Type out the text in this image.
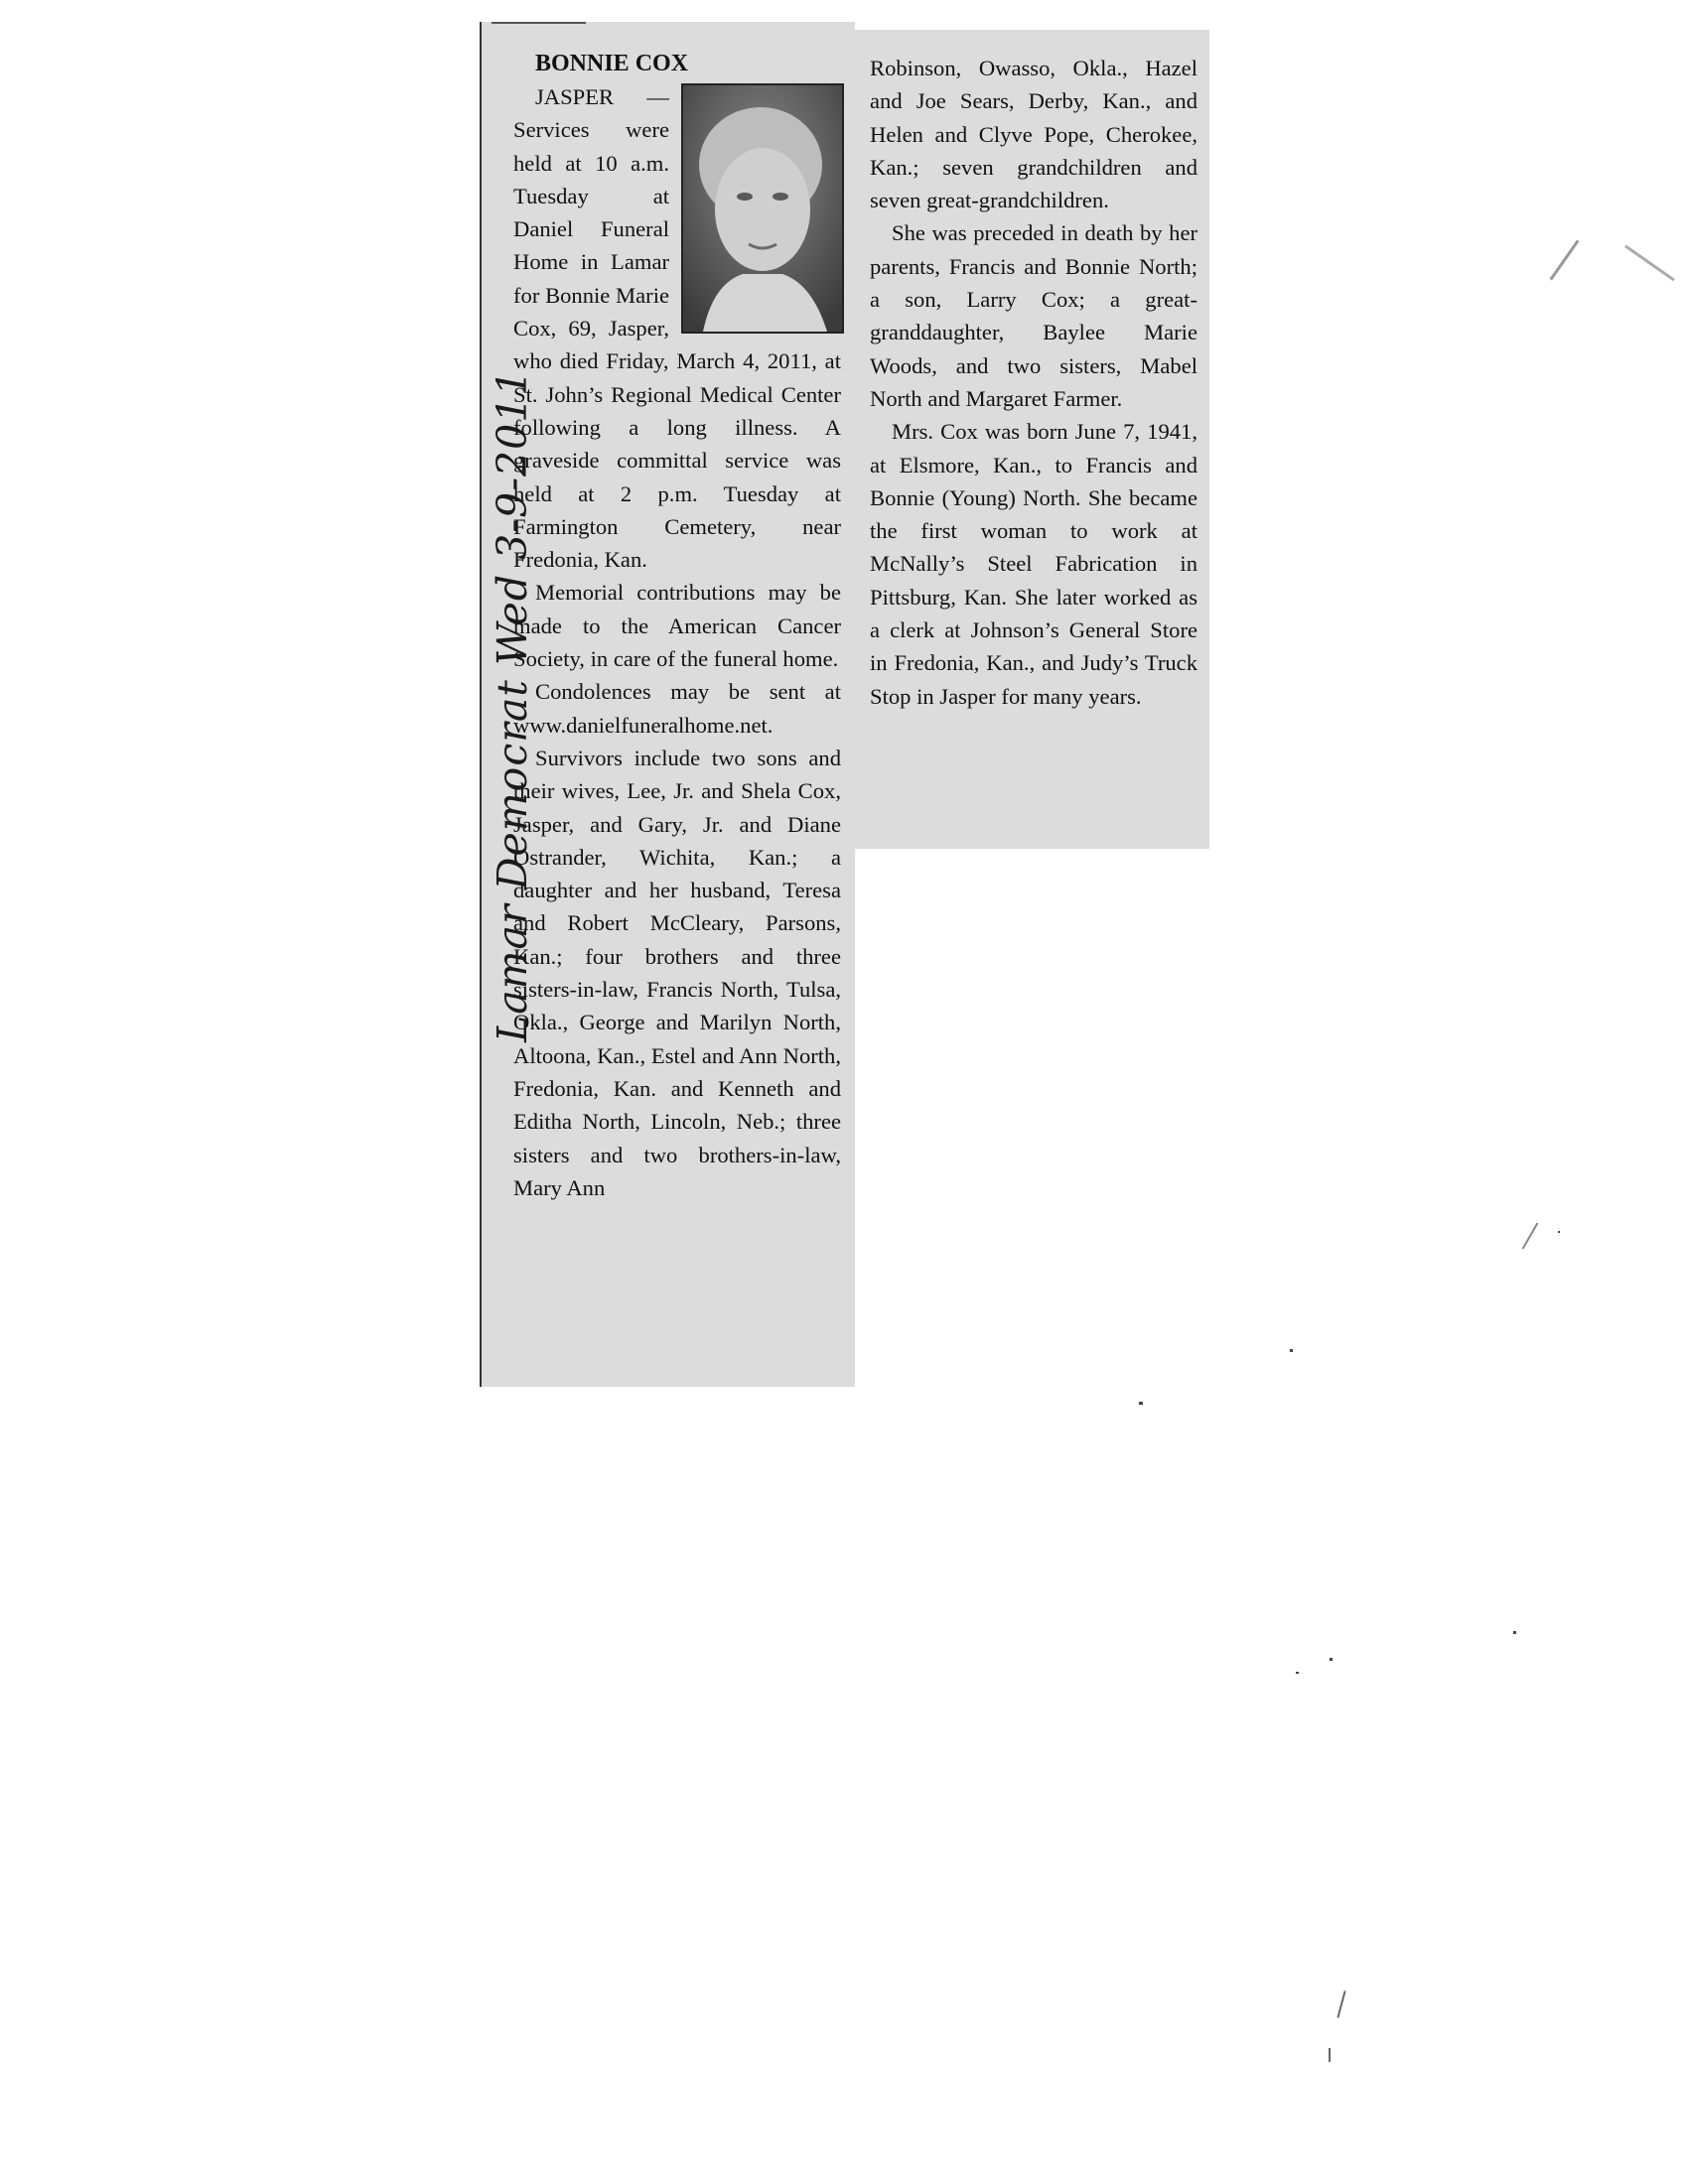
BONNIE COX

JASPER — Services were held at 10 a.m. Tuesday at Daniel Funeral Home in Lamar for Bonnie Marie Cox, 69, Jasper, who died Friday, March 4, 2011, at St. John’s Regional Medical Center following a long illness. A graveside committal service was held at 2 p.m. Tuesday at Farmington Cemetery, near Fredonia, Kan.

Memorial contributions may be made to the American Cancer Society, in care of the funeral home.

Condolences may be sent at www.danielfuneralhome.net.

Survivors include two sons and their wives, Lee, Jr. and Shela Cox, Jasper, and Gary, Jr. and Diane Ostrander, Wichita, Kan.; a daughter and her husband, Teresa and Robert McCleary, Parsons, Kan.; four brothers and three sisters-in-law, Francis North, Tulsa, Okla., George and Marilyn North, Altoona, Kan., Estel and Ann North, Fredonia, Kan. and Kenneth and Editha North, Lincoln, Neb.; three sisters and two brothers-in-law, Mary Ann

Robinson, Owasso, Okla., Hazel and Joe Sears, Derby, Kan., and Helen and Clyve Pope, Cherokee, Kan.; seven grandchildren and seven great-grandchildren.

She was preceded in death by her parents, Francis and Bonnie North; a son, Larry Cox; a great-granddaughter, Baylee Marie Woods, and two sisters, Mabel North and Margaret Farmer.

Mrs. Cox was born June 7, 1941, at Elsmore, Kan., to Francis and Bonnie (Young) North. She became the first woman to work at McNally’s Steel Fabrication in Pittsburg, Kan. She later worked as a clerk at Johnson’s General Store in Fredonia, Kan., and Judy’s Truck Stop in Jasper for many years.

Lamar Democrat Wed 3-9-2011
